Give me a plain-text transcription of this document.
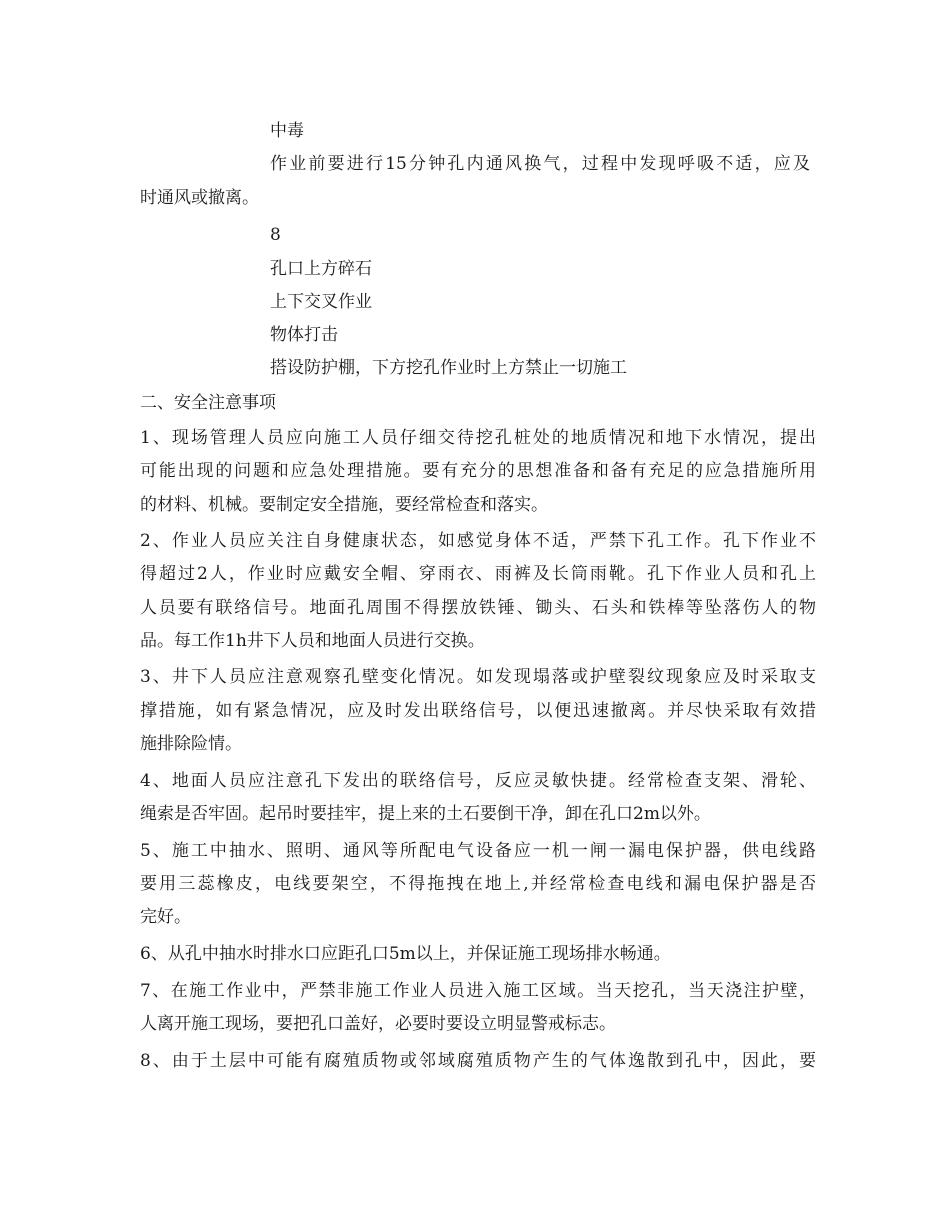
中毒
作业前要进行15分钟孔内通风换气，过程中发现呼吸不适，应及
时通风或撤离。
8
孔口上方碎石
上下交叉作业
物体打击
搭设防护棚，下方挖孔作业时上方禁止一切施工
二、安全注意事项
1、现场管理人员应向施工人员仔细交待挖孔桩处的地质情况和地下水情况，提出
可能出现的问题和应急处理措施。要有充分的思想准备和备有充足的应急措施所用
的材料、机械。要制定安全措施，要经常检查和落实。
2、作业人员应关注自身健康状态，如感觉身体不适，严禁下孔工作。孔下作业不
得超过2人，作业时应戴安全帽、穿雨衣、雨裤及长筒雨靴。孔下作业人员和孔上
人员要有联络信号。地面孔周围不得摆放铁锤、锄头、石头和铁棒等坠落伤人的物
品。每工作1h井下人员和地面人员进行交换。
3、井下人员应注意观察孔壁变化情况。如发现塌落或护壁裂纹现象应及时采取支
撑措施，如有紧急情况，应及时发出联络信号，以便迅速撤离。并尽快采取有效措
施排除险情。
4、地面人员应注意孔下发出的联络信号，反应灵敏快捷。经常检查支架、滑轮、
绳索是否牢固。起吊时要挂牢，提上来的土石要倒干净，卸在孔口2m以外。
5、施工中抽水、照明、通风等所配电气设备应一机一闸一漏电保护器，供电线路
要用三蕊橡皮，电线要架空，不得拖拽在地上,并经常检查电线和漏电保护器是否
完好。
6、从孔中抽水时排水口应距孔口5m以上，并保证施工现场排水畅通。
7、在施工作业中，严禁非施工作业人员进入施工区域。当天挖孔，当天浇注护壁，
人离开施工现场，要把孔口盖好，必要时要设立明显警戒标志。
8、由于土层中可能有腐殖质物或邻域腐殖质物产生的气体逸散到孔中，因此，要
